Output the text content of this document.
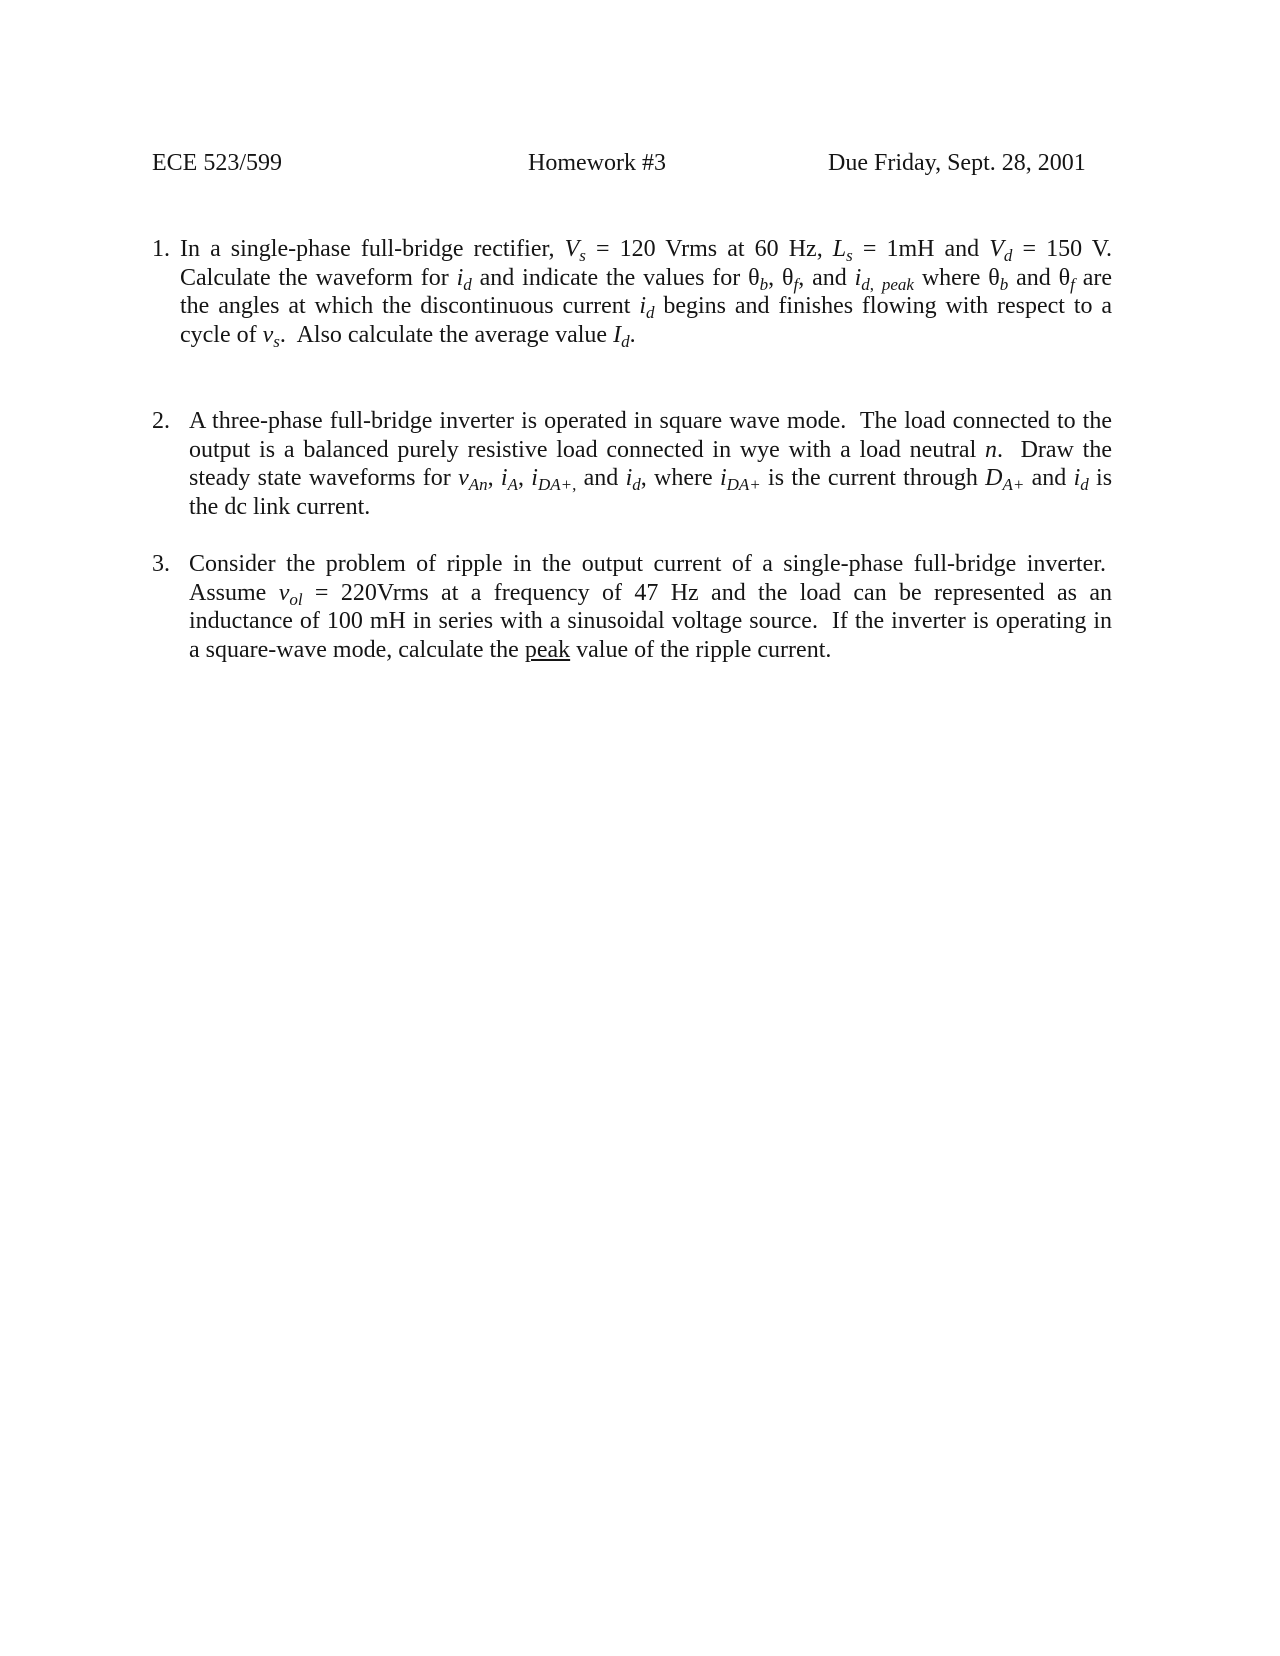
ECE 523/599	Homework #3	Due Friday, Sept. 28, 2001
1. In a single-phase full-bridge rectifier, $V_s = 120$ Vrms at 60 Hz, $L_s = 1mH$ and $V_d = 150$ V. Calculate the waveform for $i_d$ and indicate the values for $\theta_b$, $\theta_f$, and $i_{d,}$ $_{peak}$ where $\theta_b$ and $\theta_f$ are the angles at which the discontinuous current $i_d$ begins and finishes flowing with respect to a cycle of $v_s$.  Also calculate the average value $I_d$.
2. A three-phase full-bridge inverter is operated in square wave mode.  The load connected to the output is a balanced purely resistive load connected in wye with a load neutral n.  Draw the steady state waveforms for $v_{An}$, $i_A$, $i_{DA+,}$ and $i_d$, where $i_{DA+}$ is the current through $D_{A+}$ and $i_d$ is the dc link current.
3. Consider the problem of ripple in the output current of a single-phase full-bridge inverter.  Assume $v_{ol}$ = 220Vrms at a frequency of 47 Hz and the load can be represented as an inductance of 100 mH in series with a sinusoidal voltage source.  If the inverter is operating in a square-wave mode, calculate the peak value of the ripple current.
